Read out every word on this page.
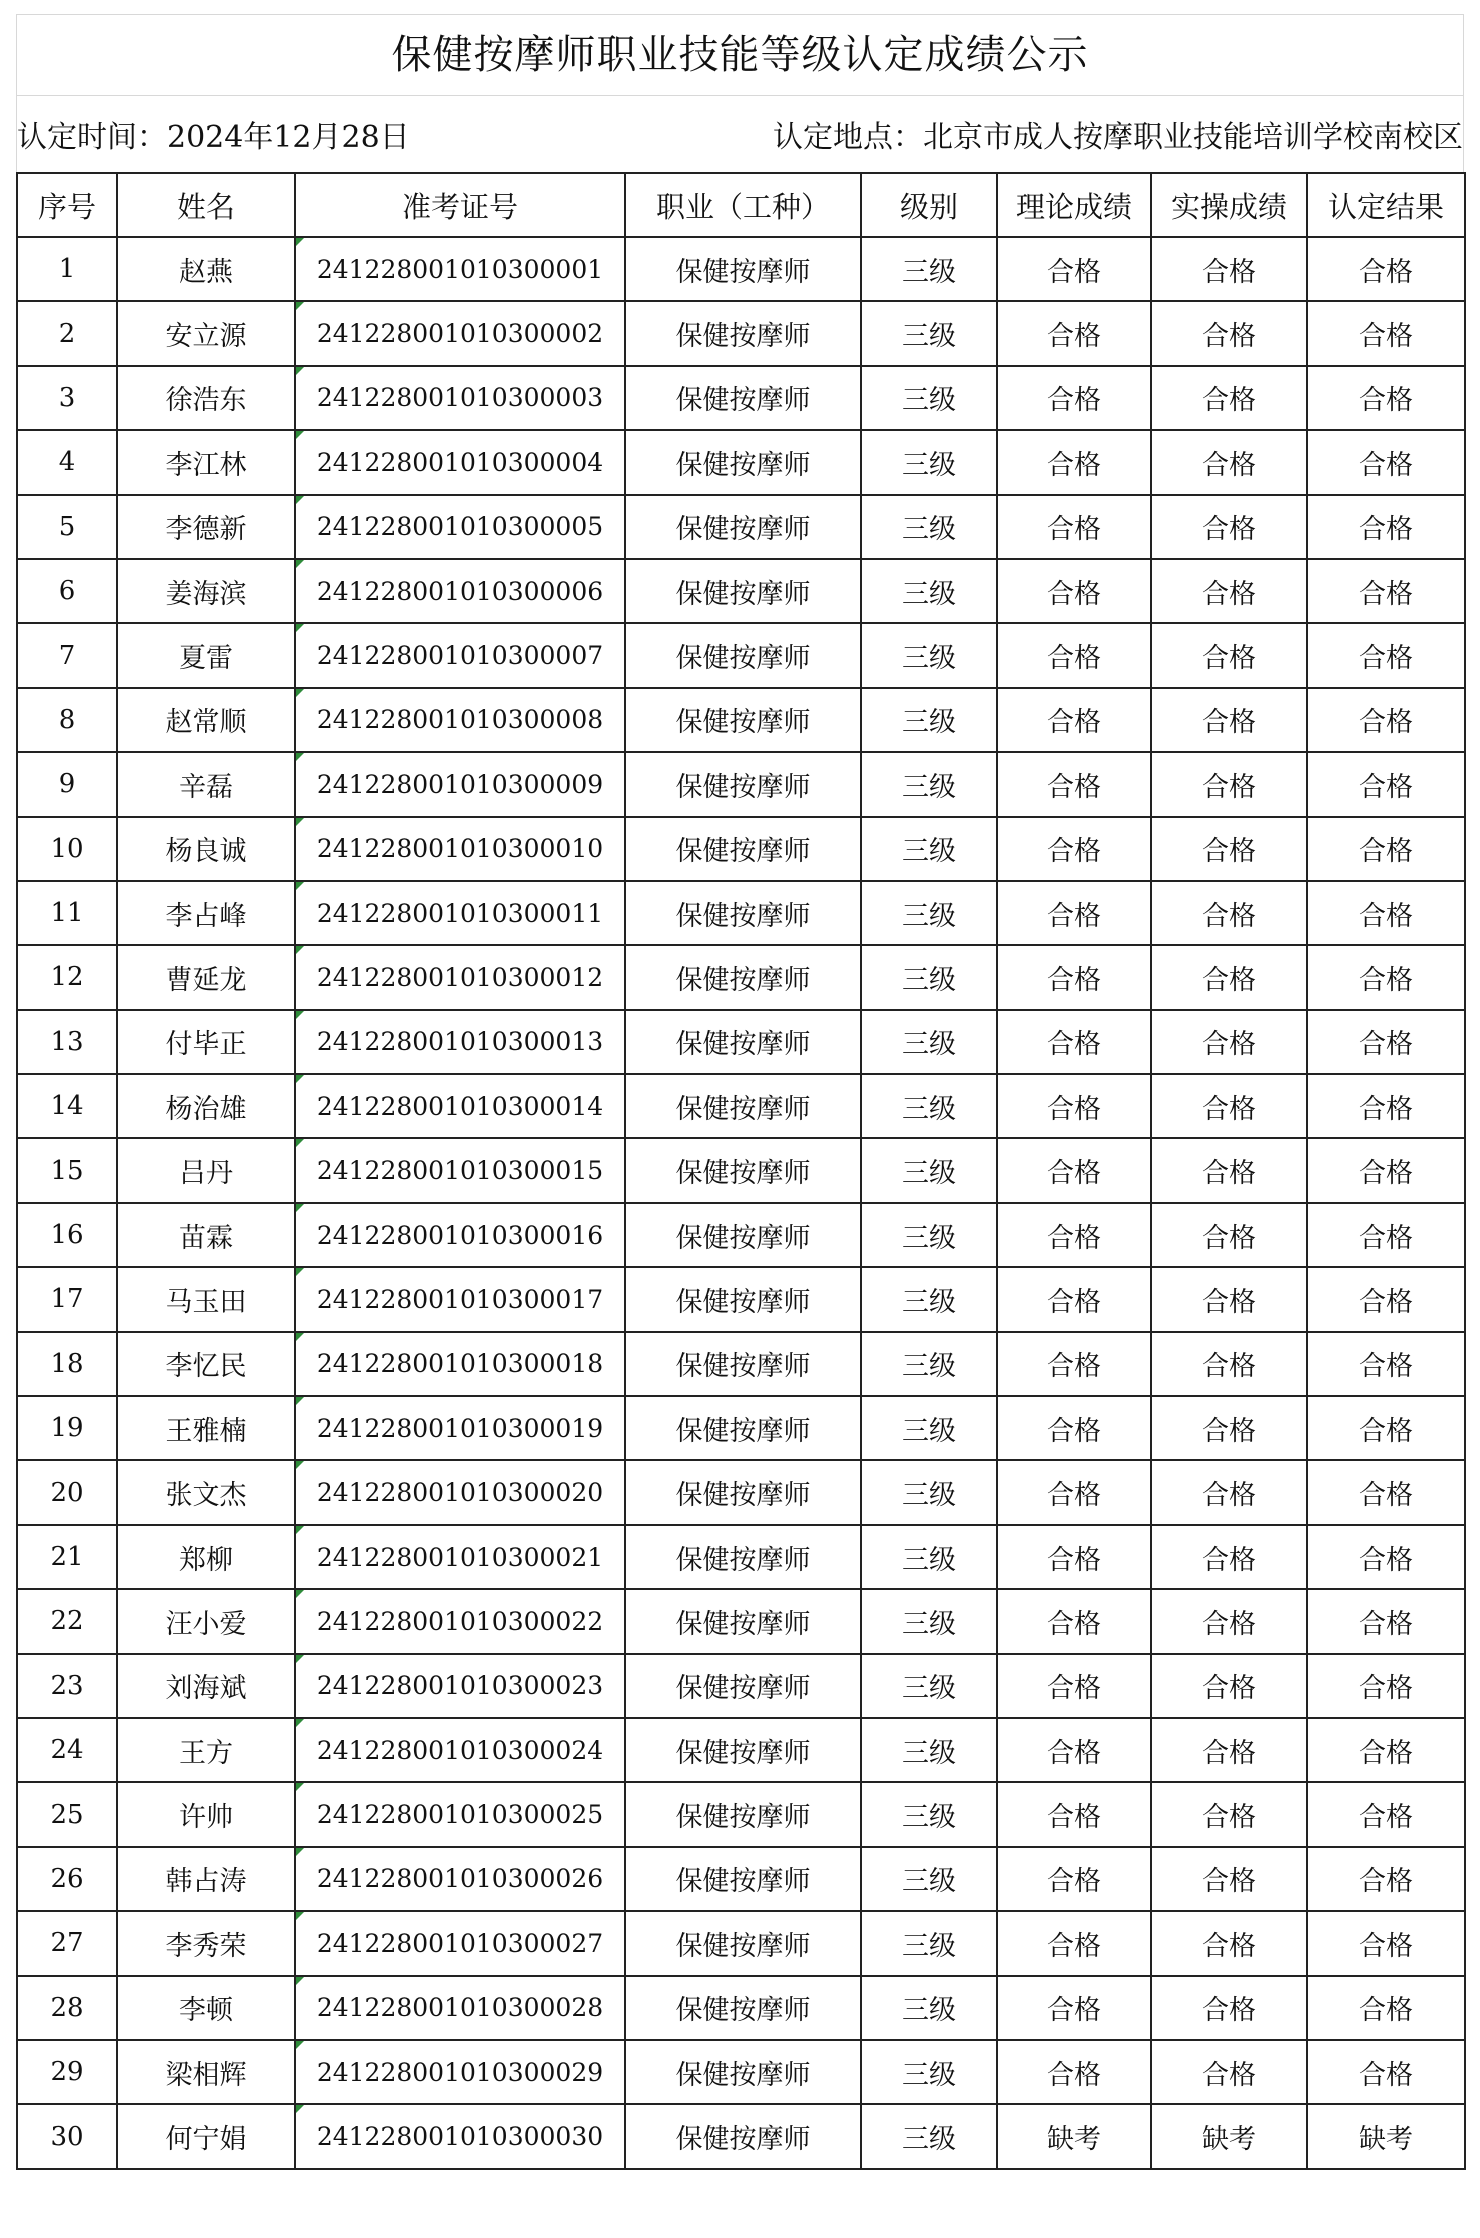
保健按摩师职业技能等级认定成绩公示
认定时间：2024年12月28日	认定地点：北京市成人按摩职业技能培训学校南校区
序号	姓名	准考证号	职业（工种）	级别	理论成绩	实操成绩	认定结果
1	赵燕	241228001010300001	保健按摩师	三级	合格	合格	合格
2	安立源	241228001010300002	保健按摩师	三级	合格	合格	合格
3	徐浩东	241228001010300003	保健按摩师	三级	合格	合格	合格
4	李江林	241228001010300004	保健按摩师	三级	合格	合格	合格
5	李德新	241228001010300005	保健按摩师	三级	合格	合格	合格
6	姜海滨	241228001010300006	保健按摩师	三级	合格	合格	合格
7	夏雷	241228001010300007	保健按摩师	三级	合格	合格	合格
8	赵常顺	241228001010300008	保健按摩师	三级	合格	合格	合格
9	辛磊	241228001010300009	保健按摩师	三级	合格	合格	合格
10	杨良诚	241228001010300010	保健按摩师	三级	合格	合格	合格
11	李占峰	241228001010300011	保健按摩师	三级	合格	合格	合格
12	曹延龙	241228001010300012	保健按摩师	三级	合格	合格	合格
13	付毕正	241228001010300013	保健按摩师	三级	合格	合格	合格
14	杨治雄	241228001010300014	保健按摩师	三级	合格	合格	合格
15	吕丹	241228001010300015	保健按摩师	三级	合格	合格	合格
16	苗霖	241228001010300016	保健按摩师	三级	合格	合格	合格
17	马玉田	241228001010300017	保健按摩师	三级	合格	合格	合格
18	李忆民	241228001010300018	保健按摩师	三级	合格	合格	合格
19	王雅楠	241228001010300019	保健按摩师	三级	合格	合格	合格
20	张文杰	241228001010300020	保健按摩师	三级	合格	合格	合格
21	郑柳	241228001010300021	保健按摩师	三级	合格	合格	合格
22	汪小爱	241228001010300022	保健按摩师	三级	合格	合格	合格
23	刘海斌	241228001010300023	保健按摩师	三级	合格	合格	合格
24	王方	241228001010300024	保健按摩师	三级	合格	合格	合格
25	许帅	241228001010300025	保健按摩师	三级	合格	合格	合格
26	韩占涛	241228001010300026	保健按摩师	三级	合格	合格	合格
27	李秀荣	241228001010300027	保健按摩师	三级	合格	合格	合格
28	李顿	241228001010300028	保健按摩师	三级	合格	合格	合格
29	梁相辉	241228001010300029	保健按摩师	三级	合格	合格	合格
30	何宁娟	241228001010300030	保健按摩师	三级	缺考	缺考	缺考
